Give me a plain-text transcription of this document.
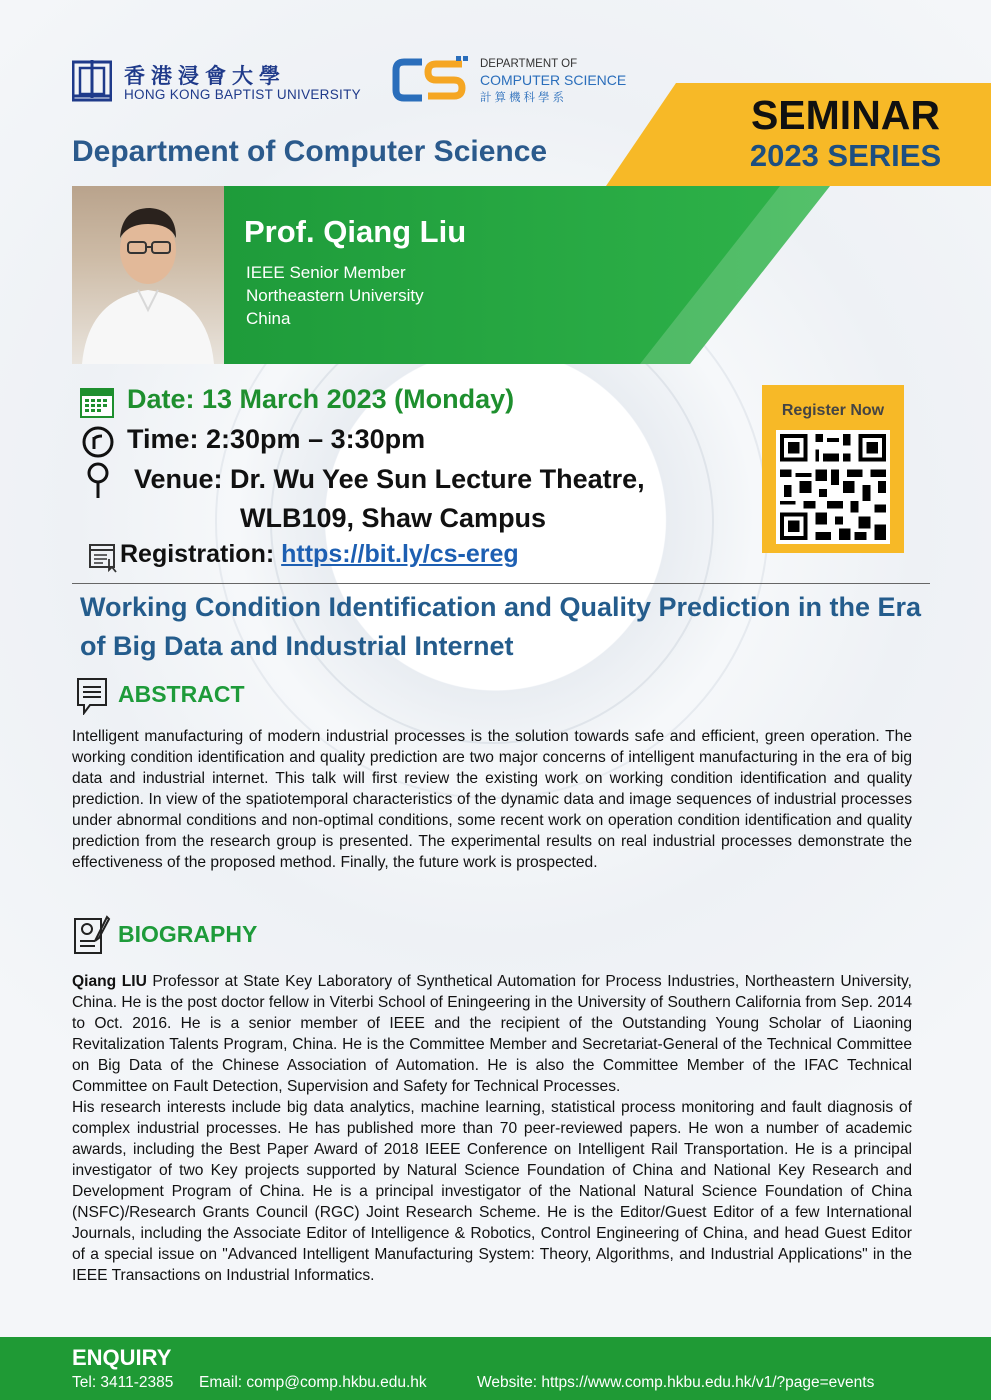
香港浸會大學
HONG KONG BAPTIST UNIVERSITY
DEPARTMENT OF
COMPUTER SCIENCE
計算機科學系
Department of Computer Science
SEMINAR
2023 SERIES
Prof. Qiang Liu
IEEE Senior Member
Northeastern University
China
Date: 13 March 2023 (Monday)
Time: 2:30pm – 3:30pm
Venue: Dr. Wu Yee Sun Lecture Theatre,
WLB109, Shaw Campus
Registration: https://bit.ly/cs-ereg
Register Now
Working Condition Identification and Quality Prediction in the Era of Big Data and Industrial Internet
ABSTRACT
Intelligent manufacturing of modern industrial processes is the solution towards safe and efficient, green operation. The working condition identification and quality prediction are two major concerns of intelligent manufacturing in the era of big data and industrial internet. This talk will first review the existing work on working condition identification and quality prediction. In view of the spatiotemporal characteristics of the dynamic data and image sequences of industrial processes under abnormal conditions and non-optimal conditions, some recent work on operation condition identification and quality prediction from the research group is presented. The experimental results on real industrial processes demonstrate the effectiveness of the proposed method. Finally, the future work is prospected.
BIOGRAPHY
Qiang LIU Professor at State Key Laboratory of Synthetical Automation for Process Industries, Northeastern University, China. He is the post doctor fellow in Viterbi School of Eningeering in the University of Southern California from Sep. 2014 to Oct. 2016. He is a senior member of IEEE and the recipient of the Outstanding Young Scholar of Liaoning Revitalization Talents Program, China. He is the Committee Member and Secretariat-General of the Technical Committee on Big Data of the Chinese Association of Automation. He is also the Committee Member of the IFAC Technical Committee on Fault Detection, Supervision and Safety for Technical Processes.
His research interests include big data analytics, machine learning, statistical process monitoring and fault diagnosis of complex industrial processes. He has published more than 70 peer-reviewed papers. He won a number of academic awards, including the Best Paper Award of 2018 IEEE Conference on Intelligent Rail Transportation. He is a principal investigator of two Key projects supported by Natural Science Foundation of China and National Key Research and Development Program of China. He is a principal investigator of the National Natural Science Foundation of China (NSFC)/Research Grants Council (RGC) Joint Research Scheme. He is the Editor/Guest Editor of a few International Journals, including the Associate Editor of Intelligence & Robotics, Control Engineering of China, and head Guest Editor of a special issue on "Advanced Intelligent Manufacturing System: Theory, Algorithms, and Industrial Applications" in the IEEE Transactions on Industrial Informatics.
ENQUIRY
Tel: 3411-2385 Email: comp@comp.hkbu.edu.hk	Website: https://www.comp.hkbu.edu.hk/v1/?page=events
